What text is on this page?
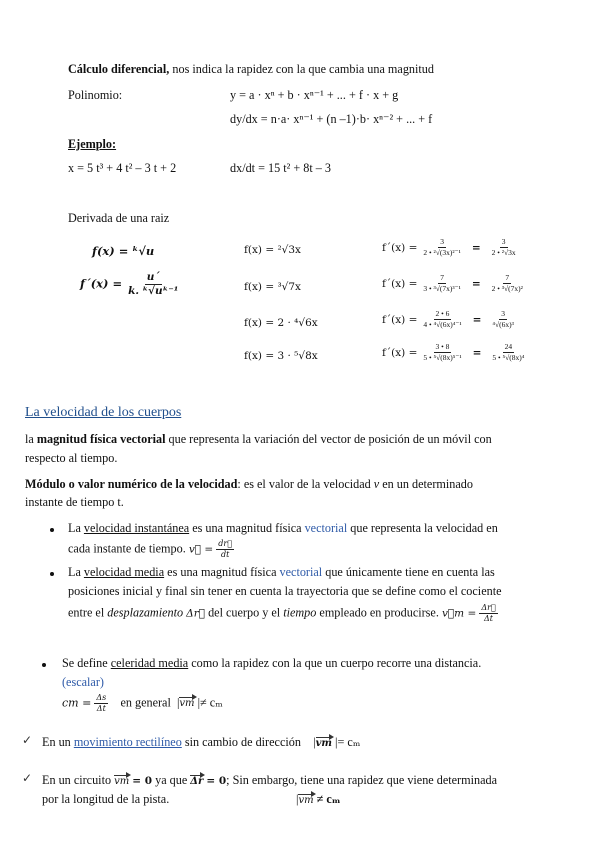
Cálculo diferencial, nos indica la rapidez con la que cambia una magnitud
Polinomio:	y = a · xⁿ + b · xⁿ⁻¹ + ... + f · x + g
dy/dx = n·a· xⁿ⁻¹ + (n –1)·b· xⁿ⁻² + ... + f
Ejemplo:
x = 5 t³ + 4 t² – 3 t + 2	dx/dt = 15 t² + 8t – 3
Derivada de una raiz
f(x) = ᵏ√u
f´(x) = $\frac{u´}{\text{k. ᵏ√uᵏ⁻¹}}$
f(x) = ²√3x	f´(x) = $\frac{3}{\text{2 • ²√(3x)²⁻¹}} = \frac{3}{\text{2 • ²√3x}}$
f(x) = ³√7x	f´(x) = $\frac{7}{\text{3 • ³√(7x)³⁻¹}} = \frac{7}{\text{2 • ³√(7x)²}}$
f(x) = 2 · ⁴√6x	f´(x) = $\frac{2 • 6}{\text{4 • ⁴√(6x)⁴⁻¹}} = \frac{3}{\text{⁴√(6x)³}}$
f(x) = 3 · ⁵√8x	f´(x) = $\frac{3 • 8}{\text{5 • ⁵√(8x)⁵⁻¹}} = \frac{24}{\text{5 • ⁵√(8x)⁴}}$
La velocidad de los cuerpos
la magnitud física vectorial que representa la variación del vector de posición de un móvil con
respecto al tiempo.
Módulo o valor numérico de la velocidad: es el valor de la velocidad v en un determinado
instante de tiempo t.
La velocidad instantánea es una magnitud física vectorial que representa la velocidad en
cada instante de tiempo. v⃗ = $\frac{dr⃗}{dt}$
La velocidad media es una magnitud física vectorial que únicamente tiene en cuenta las
posiciones inicial y final sin tener en cuenta la trayectoria que se define como el cociente
entre el desplazamiento Δr⃗ del cuerpo y el tiempo empleado en producirse. v⃗m = $\frac{\Delta r⃗}{\Delta t}$
Se define celeridad media como la rapidez con la que un cuerpo recorre una distancia.
(escalar)
cm = $\frac{\Delta s}{\Delta t}$ en general  |vm |≠ cₘ
✓ En un movimiento rectilíneo sin cambio de dirección    |vm |= cₘ
✓ En un circuito vm = 0 ya que Δr = 0; Sin embargo, tiene una rapidez que viene determinada
por la longitud de la pista.	|vm ≠ cₘ
